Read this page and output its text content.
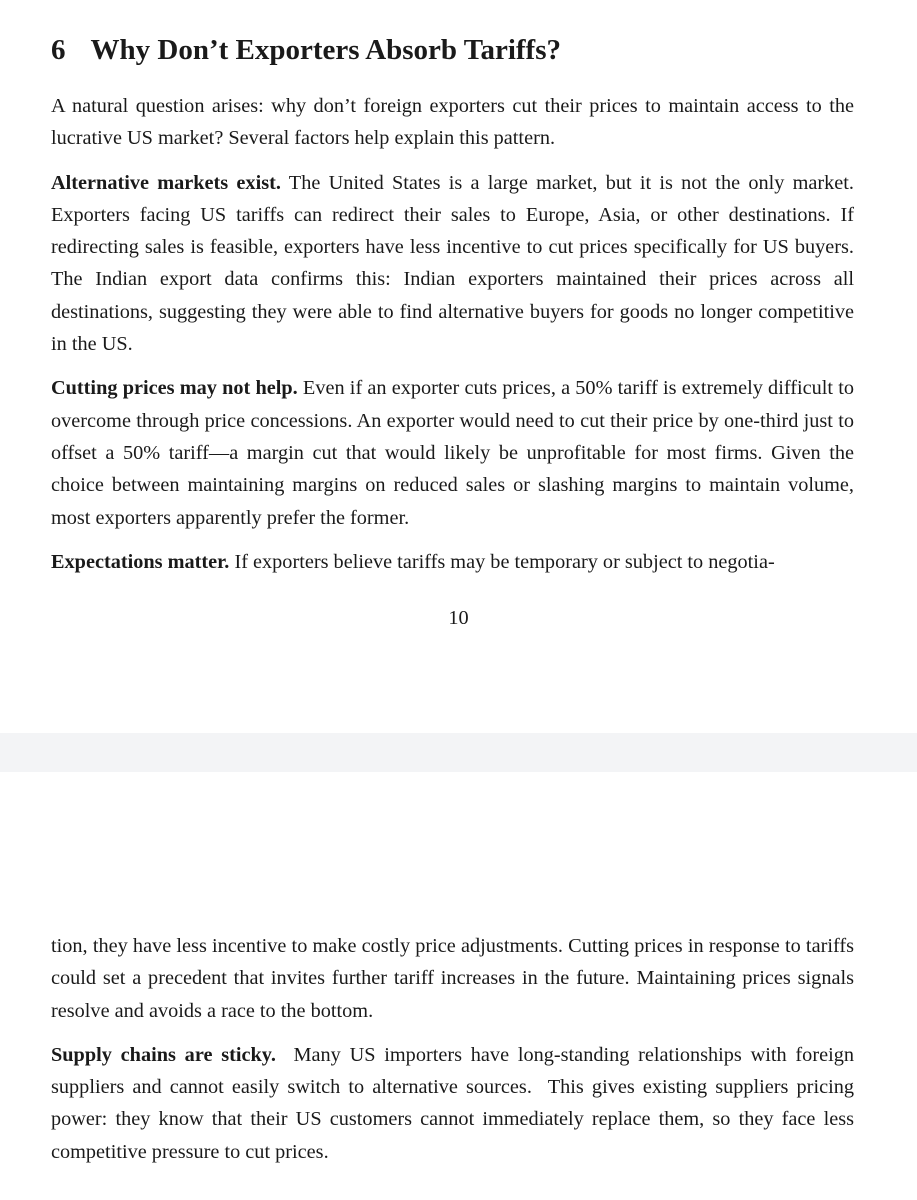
6 Why Don’t Exporters Absorb Tariffs?

A natural question arises: why don’t foreign exporters cut their prices to maintain access to the lucrative US market? Several factors help explain this pattern.

Alternative markets exist. The United States is a large market, but it is not the only market. Exporters facing US tariffs can redirect their sales to Europe, Asia, or other destinations. If redirecting sales is feasible, exporters have less incentive to cut prices specifically for US buyers. The Indian export data confirms this: Indian exporters maintained their prices across all destinations, suggesting they were able to find alternative buyers for goods no longer competitive in the US.

Cutting prices may not help. Even if an exporter cuts prices, a 50% tariff is extremely difficult to overcome through price concessions. An exporter would need to cut their price by one-third just to offset a 50% tariff—a margin cut that would likely be unprofitable for most firms. Given the choice between maintaining margins on reduced sales or slashing margins to maintain volume, most exporters apparently prefer the former.

Expectations matter. If exporters believe tariffs may be temporary or subject to negotia-

10

tion, they have less incentive to make costly price adjustments. Cutting prices in response to tariffs could set a precedent that invites further tariff increases in the future. Maintaining prices signals resolve and avoids a race to the bottom.

Supply chains are sticky.  Many US importers have long-standing relationships with foreign suppliers and cannot easily switch to alternative sources.  This gives existing suppliers pricing power: they know that their US customers cannot immediately replace them, so they face less competitive pressure to cut prices.
